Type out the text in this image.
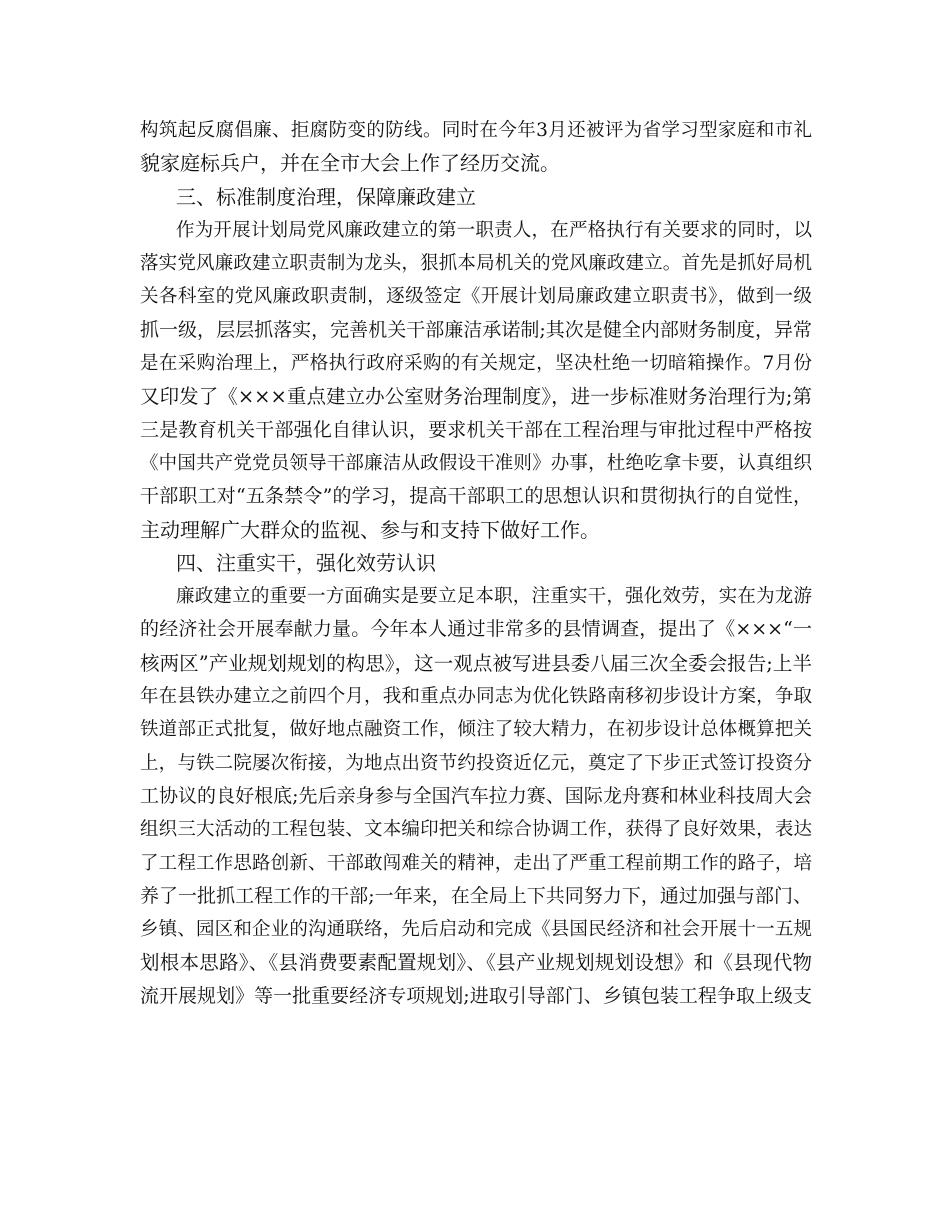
构筑起反腐倡廉、拒腐防变的防线。同时在今年3月还被评为省学习型家庭和市礼
貌家庭标兵户，并在全市大会上作了经历交流。
三、标准制度治理，保障廉政建立
作为开展计划局党风廉政建立的第一职责人，在严格执行有关要求的同时，以
落实党风廉政建立职责制为龙头，狠抓本局机关的党风廉政建立。首先是抓好局机
关各科室的党风廉政职责制，逐级签定《开展计划局廉政建立职责书》，做到一级
抓一级，层层抓落实，完善机关干部廉洁承诺制;其次是健全内部财务制度，异常
是在采购治理上，严格执行政府采购的有关规定，坚决杜绝一切暗箱操作。7月份
又印发了《×××重点建立办公室财务治理制度》，进一步标准财务治理行为;第
三是教育机关干部强化自律认识，要求机关干部在工程治理与审批过程中严格按
《中国共产党党员领导干部廉洁从政假设干准则》办事，杜绝吃拿卡要，认真组织
干部职工对“五条禁令”的学习，提高干部职工的思想认识和贯彻执行的自觉性，
主动理解广大群众的监视、参与和支持下做好工作。
四、注重实干，强化效劳认识
廉政建立的重要一方面确实是要立足本职，注重实干，强化效劳，实在为龙游
的经济社会开展奉献力量。今年本人通过非常多的县情调查，提出了《×××“一
核两区”产业规划规划的构思》，这一观点被写进县委八届三次全委会报告;上半
年在县铁办建立之前四个月，我和重点办同志为优化铁路南移初步设计方案，争取
铁道部正式批复，做好地点融资工作，倾注了较大精力，在初步设计总体概算把关
上，与铁二院屡次衔接，为地点出资节约投资近亿元，奠定了下步正式签订投资分
工协议的良好根底;先后亲身参与全国汽车拉力赛、国际龙舟赛和林业科技周大会
组织三大活动的工程包装、文本编印把关和综合协调工作，获得了良好效果，表达
了工程工作思路创新、干部敢闯难关的精神，走出了严重工程前期工作的路子，培
养了一批抓工程工作的干部;一年来，在全局上下共同努力下，通过加强与部门、
乡镇、园区和企业的沟通联络，先后启动和完成《县国民经济和社会开展十一五规
划根本思路》、《县消费要素配置规划》、《县产业规划规划设想》和《县现代物
流开展规划》等一批重要经济专项规划;进取引导部门、乡镇包装工程争取上级支
